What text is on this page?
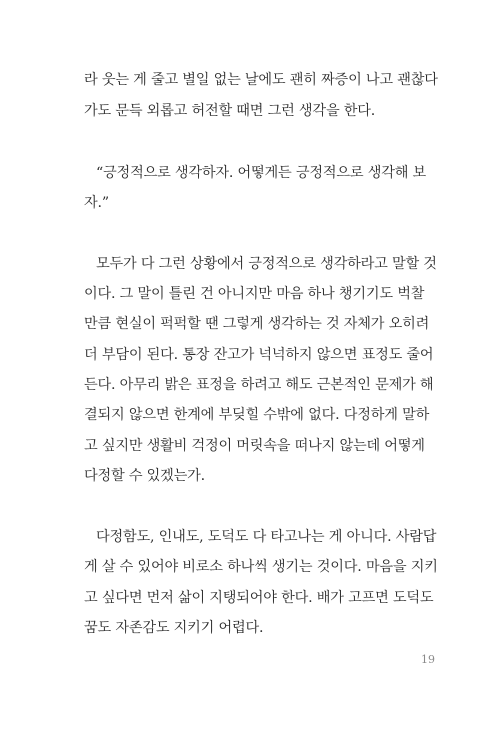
라 웃는 게 줄고 별일 없는 날에도 괜히 짜증이 나고 괜찮다

가도 문득 외롭고 허전할 때면 그런 생각을 한다.

“긍정적으로 생각하자. 어떻게든 긍정적으로 생각해 보

자.”

모두가 다 그런 상황에서 긍정적으로 생각하라고 말할 것

이다. 그 말이 틀린 건 아니지만 마음 하나 챙기기도 벅찰

만큼 현실이 퍽퍽할 땐 그렇게 생각하는 것 자체가 오히려

더 부담이 된다. 통장 잔고가 넉넉하지 않으면 표정도 줄어

든다. 아무리 밝은 표정을 하려고 해도 근본적인 문제가 해

결되지 않으면 한계에 부딪힐 수밖에 없다. 다정하게 말하

고 싶지만 생활비 걱정이 머릿속을 떠나지 않는데 어떻게

다정할 수 있겠는가.

다정함도, 인내도, 도덕도 다 타고나는 게 아니다. 사람답

게 살 수 있어야 비로소 하나씩 생기는 것이다. 마음을 지키

고 싶다면 먼저 삶이 지탱되어야 한다. 배가 고프면 도덕도

꿈도 자존감도 지키기 어렵다.

19
